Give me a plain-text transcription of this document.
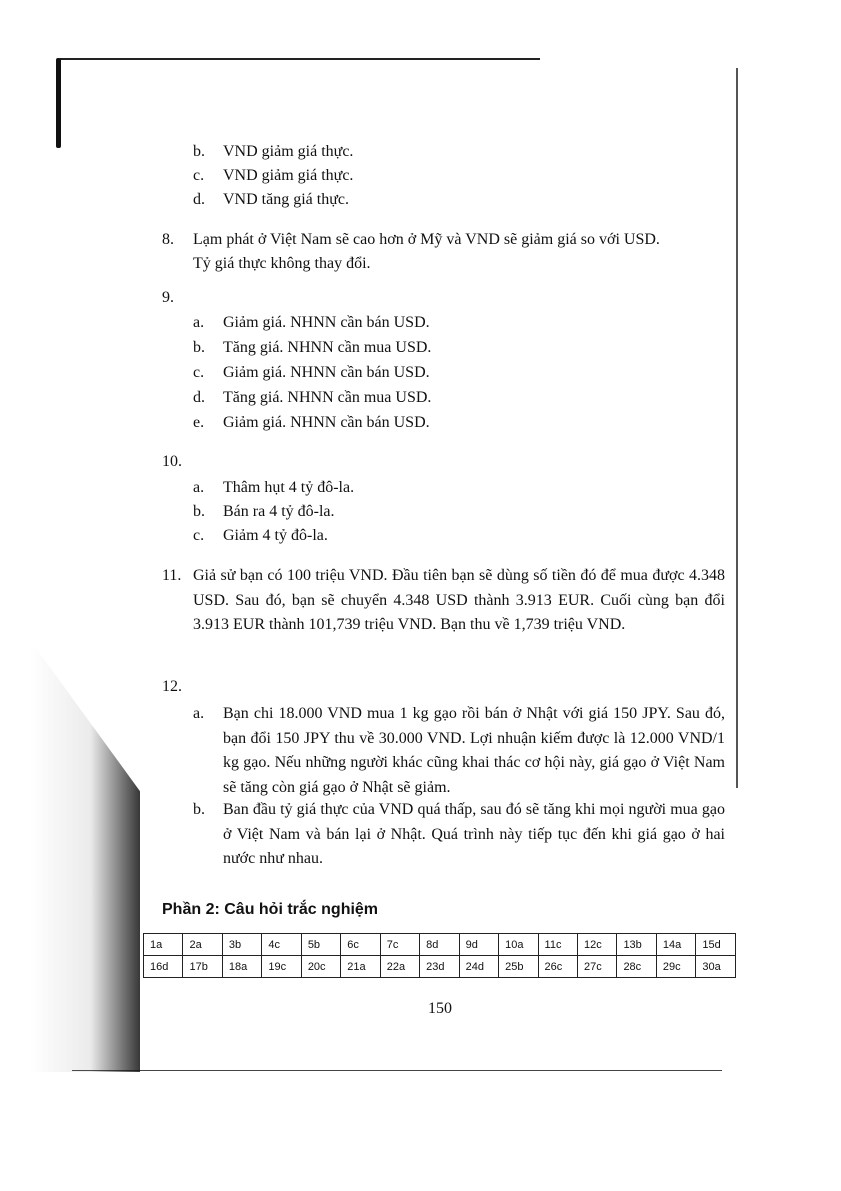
b. VND giảm giá thực.
c. VND giảm giá thực.
d. VND tăng giá thực.
8. Lạm phát ở Việt Nam sẽ cao hơn ở Mỹ và VND sẽ giảm giá so với USD.
Tỷ giá thực không thay đổi.
9.
a. Giảm giá. NHNN cần bán USD.
b. Tăng giá. NHNN cần mua USD.
c. Giảm giá. NHNN cần bán USD.
d. Tăng giá. NHNN cần mua USD.
e. Giảm giá. NHNN cần bán USD.
10.
a. Thâm hụt 4 tỷ đô-la.
b. Bán ra 4 tỷ đô-la.
c. Giảm 4 tỷ đô-la.
11. Giả sử bạn có 100 triệu VND. Đầu tiên bạn sẽ dùng số tiền đó để mua được 4.348 USD. Sau đó, bạn sẽ chuyển 4.348 USD thành 3.913 EUR. Cuối cùng bạn đổi 3.913 EUR thành 101,739 triệu VND. Bạn thu về 1,739 triệu VND.
12.
a. Bạn chi 18.000 VND mua 1 kg gạo rồi bán ở Nhật với giá 150 JPY. Sau đó, bạn đổi 150 JPY thu về 30.000 VND. Lợi nhuận kiếm được là 12.000 VND/1 kg gạo. Nếu những người khác cũng khai thác cơ hội này, giá gạo ở Việt Nam sẽ tăng còn giá gạo ở Nhật sẽ giảm.
b. Ban đầu tỷ giá thực của VND quá thấp, sau đó sẽ tăng khi mọi người mua gạo ở Việt Nam và bán lại ở Nhật. Quá trình này tiếp tục đến khi giá gạo ở hai nước như nhau.
Phần 2: Câu hỏi trắc nghiệm
1a	2a	3b	4c	5b	6c	7c	8d	9d	10a	11c	12c	13b	14a	15d
16d	17b	18a	19c	20c	21a	22a	23d	24d	25b	26c	27c	28c	29c	30a
150
